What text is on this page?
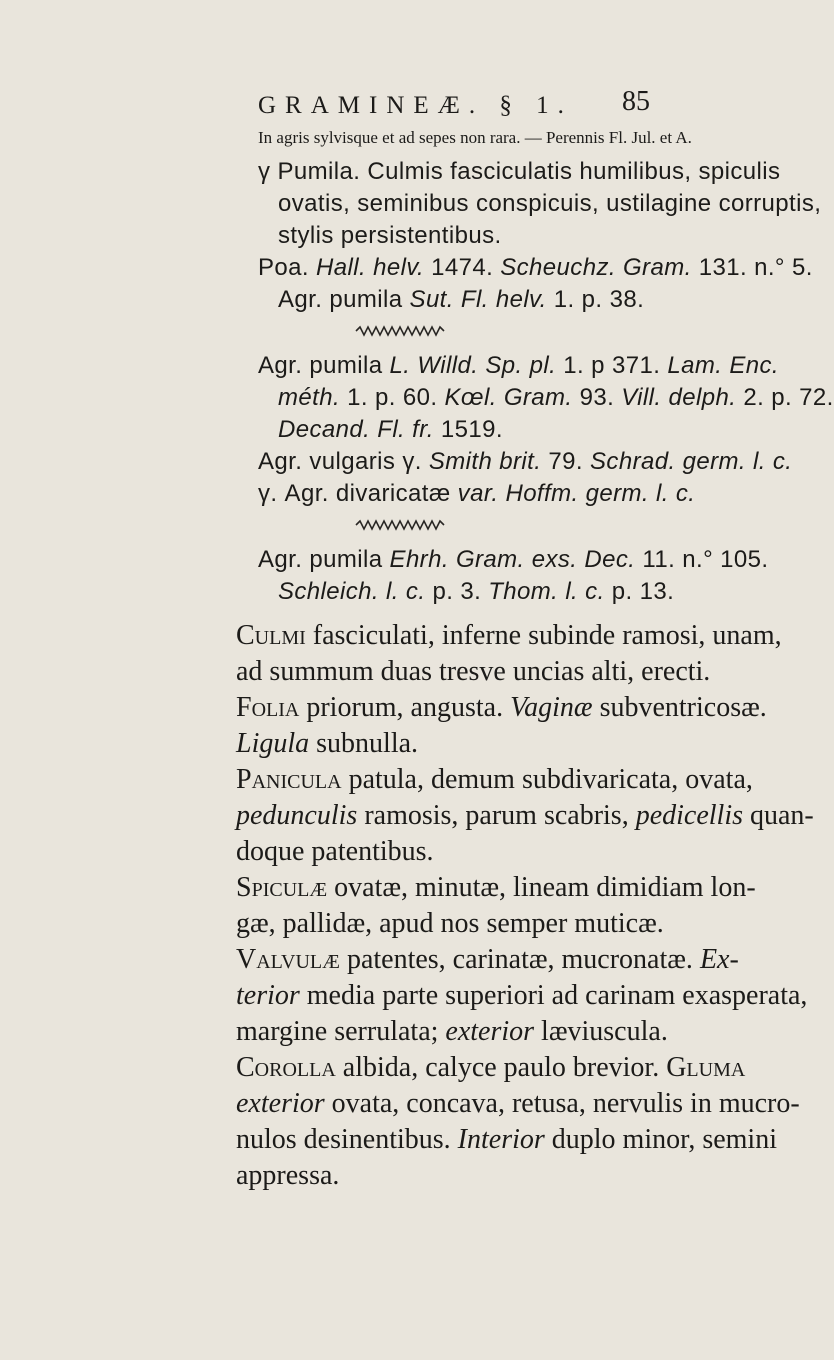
GRAMINEÆ. § 1. 85
In agris sylvisque et ad sepes non rara. — Perennis Fl. Jul. et A.
γ Pumila. Culmis fasciculatis humilibus, spiculis
ovatis, seminibus conspicuis, ustilagine corruptis,
stylis persistentibus.
Poa. Hall. helv. 1474. Scheuchz. Gram. 131. n.° 5.
Agr. pumila Sut. Fl. helv. 1. p. 38.
Agr. pumila L. Willd. Sp. pl. 1. p 371. Lam. Enc.
méth. 1. p. 60. Kœl. Gram. 93. Vill. delph. 2. p. 72.
Decand. Fl. fr. 1519.
Agr. vulgaris γ. Smith brit. 79. Schrad. germ. l. c.
γ. Agr. divaricatæ var. Hoffm. germ. l. c.
Agr. pumila Ehrh. Gram. exs. Dec. 11. n.° 105.
Schleich. l. c. p. 3. Thom. l. c. p. 13.
Culmi fasciculati, inferne subinde ramosi, unam,
ad summum duas tresve uncias alti, erecti.
Folia priorum, angusta. Vaginæ subventricosæ.
Ligula subnulla.
Panicula patula, demum subdivaricata, ovata,
pedunculis ramosis, parum scabris, pedicellis quan-
doque patentibus.
Spiculæ ovatæ, minutæ, lineam dimidiam lon-
gæ, pallidæ, apud nos semper muticæ.
Valvulæ patentes, carinatæ, mucronatæ. Ex-
terior media parte superiori ad carinam exasperata,
margine serrulata; exterior læviuscula.
Corolla albida, calyce paulo brevior. Gluma
exterior ovata, concava, retusa, nervulis in mucro-
nulos desinentibus. Interior duplo minor, semini
appressa.
